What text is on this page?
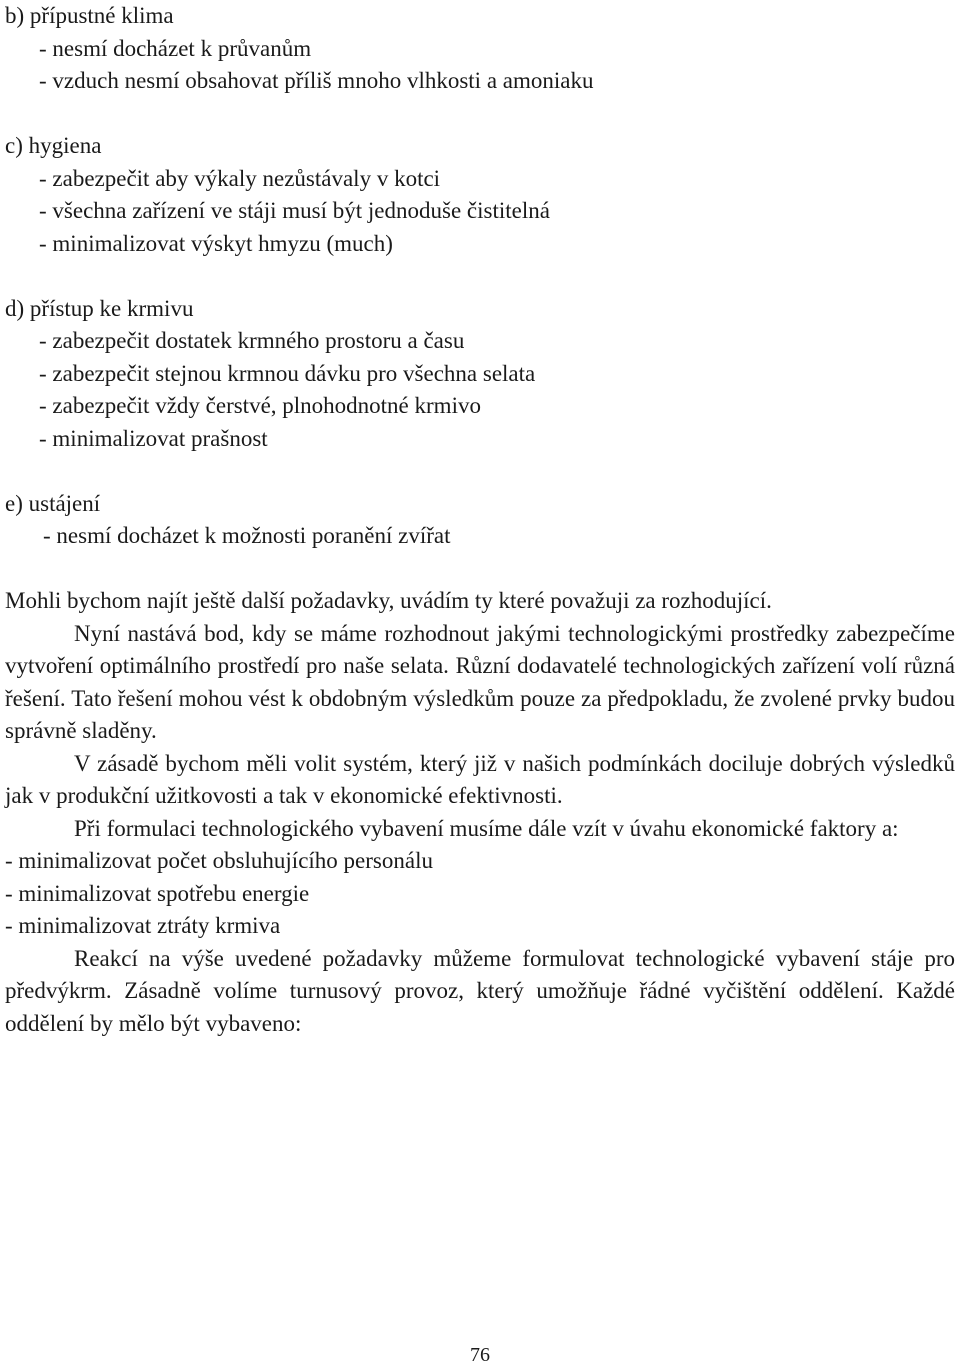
b) přípustné klima

- nesmí docházet k průvanům

- vzduch nesmí obsahovat příliš mnoho vlhkosti a amoniaku

c) hygiena

- zabezpečit aby výkaly nezůstávaly v kotci

- všechna zařízení ve stáji musí být jednoduše čistitelná

- minimalizovat výskyt hmyzu (much)

d) přístup ke krmivu

- zabezpečit dostatek krmného prostoru a času

- zabezpečit stejnou krmnou dávku pro všechna selata

- zabezpečit vždy čerstvé, plnohodnotné krmivo

- minimalizovat prašnost

e) ustájení

- nesmí docházet k možnosti poranění zvířat

Mohli bychom najít ještě další požadavky, uvádím ty které považuji za rozhodující.

Nyní nastává bod, kdy se máme rozhodnout jakými technologickými prostředky zabezpečíme vytvoření optimálního prostředí pro naše selata. Různí dodavatelé technologických zařízení volí různá řešení. Tato řešení mohou vést k obdobným výsledkům pouze za předpokladu, že zvolené prvky budou správně sladěny.

V zásadě bychom měli volit systém, který již v našich podmínkách dociluje dobrých výsledků jak v produkční užitkovosti a tak v ekonomické efektivnosti.

Při formulaci technologického vybavení musíme dále vzít v úvahu ekonomické faktory a:

- minimalizovat počet obsluhujícího personálu

- minimalizovat spotřebu energie

- minimalizovat ztráty krmiva

Reakcí na výše uvedené požadavky můžeme formulovat technologické vybavení stáje pro předvýkrm. Zásadně volíme turnusový provoz, který umožňuje řádné vyčištění oddělení. Každé oddělení by mělo být vybaveno:

76
